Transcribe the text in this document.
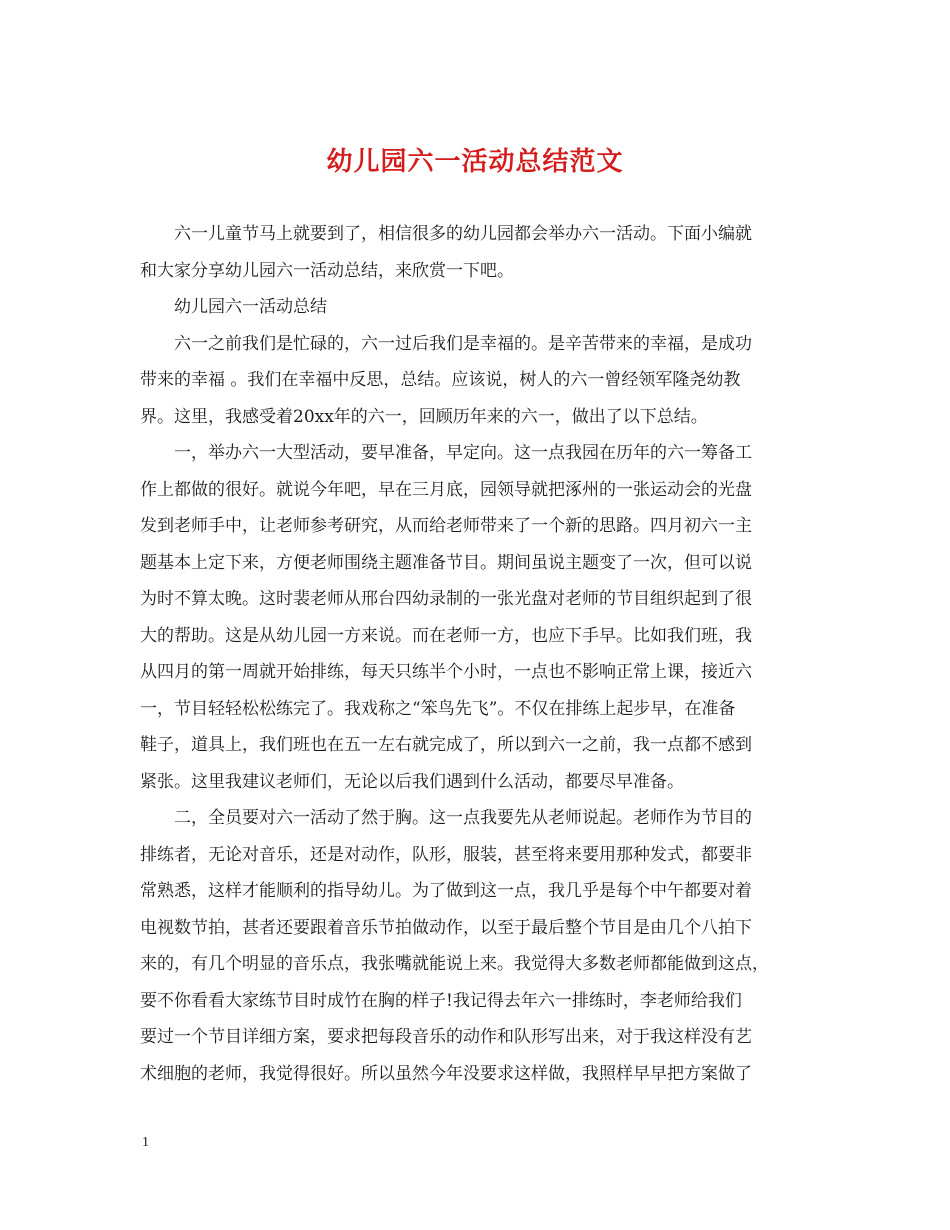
幼儿园六一活动总结范文
六一儿童节马上就要到了，相信很多的幼儿园都会举办六一活动。下面小编就
和大家分享幼儿园六一活动总结，来欣赏一下吧。
幼儿园六一活动总结
六一之前我们是忙碌的，六一过后我们是幸福的。是辛苦带来的幸福，是成功
带来的幸福 。我们在幸福中反思，总结。应该说，树人的六一曾经领军隆尧幼教
界。这里，我感受着20xx年的六一，回顾历年来的六一，做出了以下总结。
一，举办六一大型活动，要早准备，早定向。这一点我园在历年的六一筹备工
作上都做的很好。就说今年吧，早在三月底，园领导就把涿州的一张运动会的光盘
发到老师手中，让老师参考研究，从而给老师带来了一个新的思路。四月初六一主
题基本上定下来，方便老师围绕主题准备节目。期间虽说主题变了一次，但可以说
为时不算太晚。这时裴老师从邢台四幼录制的一张光盘对老师的节目组织起到了很
大的帮助。这是从幼儿园一方来说。而在老师一方，也应下手早。比如我们班，我
从四月的第一周就开始排练，每天只练半个小时，一点也不影响正常上课，接近六
一，节目轻轻松松练完了。我戏称之“笨鸟先飞”。不仅在排练上起步早，在准备
鞋子，道具上，我们班也在五一左右就完成了，所以到六一之前，我一点都不感到
紧张。这里我建议老师们，无论以后我们遇到什么活动，都要尽早准备。
二，全员要对六一活动了然于胸。这一点我要先从老师说起。老师作为节目的
排练者，无论对音乐，还是对动作，队形，服装，甚至将来要用那种发式，都要非
常熟悉，这样才能顺利的指导幼儿。为了做到这一点，我几乎是每个中午都要对着
电视数节拍，甚者还要跟着音乐节拍做动作，以至于最后整个节目是由几个八拍下
来的，有几个明显的音乐点，我张嘴就能说上来。我觉得大多数老师都能做到这点，
要不你看看大家练节目时成竹在胸的样子!我记得去年六一排练时，李老师给我们
要过一个节目详细方案，要求把每段音乐的动作和队形写出来，对于我这样没有艺
术细胞的老师，我觉得很好。所以虽然今年没要求这样做，我照样早早把方案做了
1
